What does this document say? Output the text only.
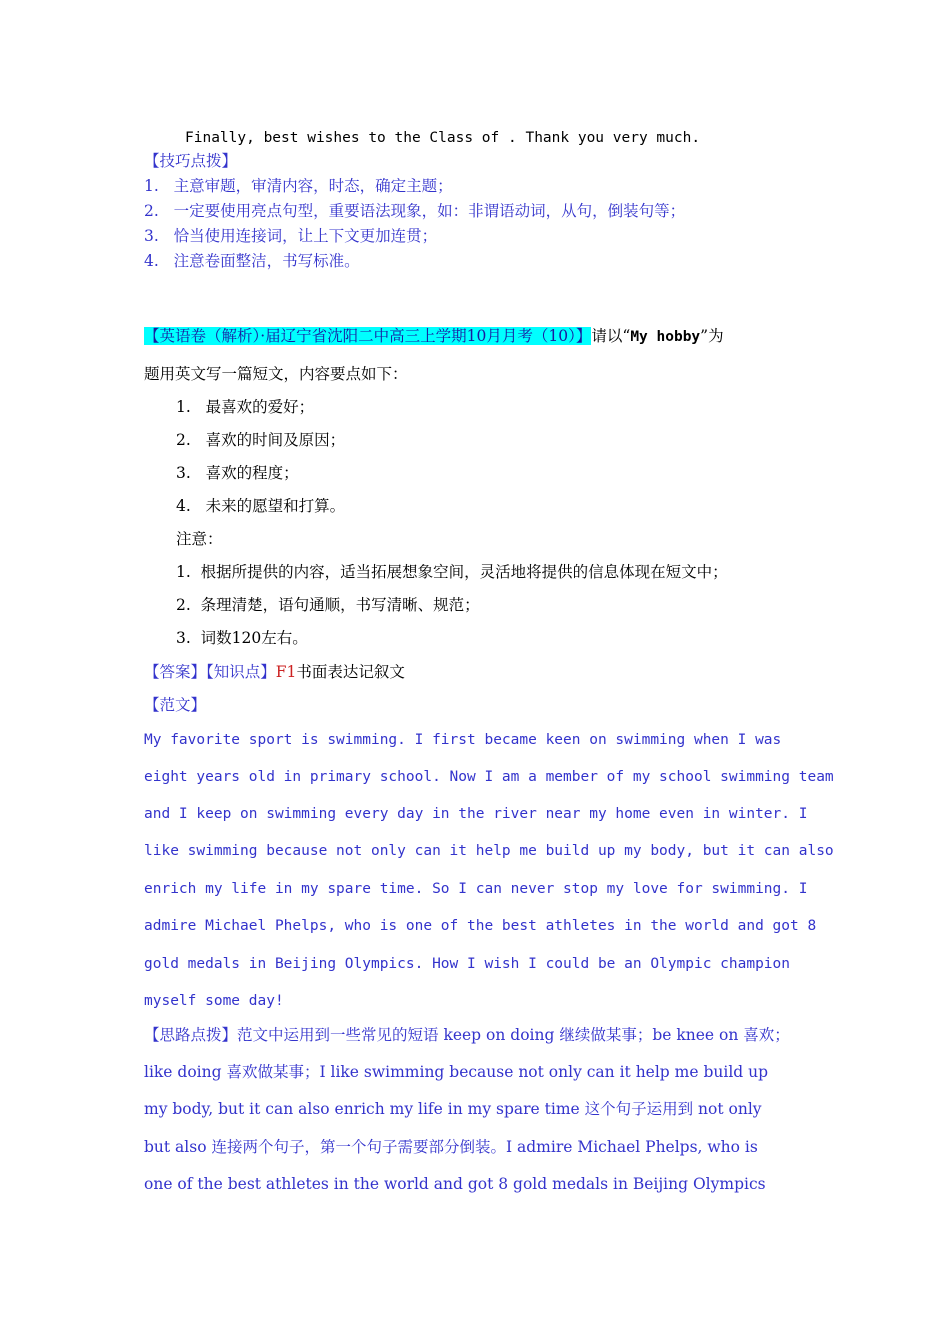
Finally, best wishes to the Class of . Thank you very much.
【技巧点拨】
1. 主意审题，审清内容，时态，确定主题；
2. 一定要使用亮点句型，重要语法现象，如：非谓语动词，从句，倒装句等；
3. 恰当使用连接词，让上下文更加连贯；
4. 注意卷面整洁，书写标准。
【英语卷（解析）·届辽宁省沈阳二中高三上学期10月月考（10）】请以“My hobby”为
题用英文写一篇短文，内容要点如下：
1. 最喜欢的爱好；
2. 喜欢的时间及原因；
3. 喜欢的程度；
4. 未来的愿望和打算。
注意：
1. 根据所提供的内容，适当拓展想象空间，灵活地将提供的信息体现在短文中；
2. 条理清楚，语句通顺，书写清晰、规范；
3. 词数120左右。
【答案】【知识点】F1书面表达记叙文
【范文】
My favorite sport is swimming. I first became keen on swimming when I was
eight years old in primary school. Now I am a member of my school swimming team
and I keep on swimming every day in the river near my home even in winter. I
like swimming because not only can it help me build up my body, but it can also
enrich my life in my spare time. So I can never stop my love for swimming. I
admire Michael Phelps, who is one of the best athletes in the world and got 8
gold medals in Beijing Olympics. How I wish I could be an Olympic champion
myself some day!
【思路点拨】范文中运用到一些常见的短语 keep on doing 继续做某事；be knee on 喜欢；
like doing 喜欢做某事；I like swimming because not only can it help me build up
my body, but it can also enrich my life in my spare time 这个句子运用到 not only
but also 连接两个句子，第一个句子需要部分倒装。I admire Michael Phelps, who is
one of the best athletes in the world and got 8 gold medals in Beijing Olympics
